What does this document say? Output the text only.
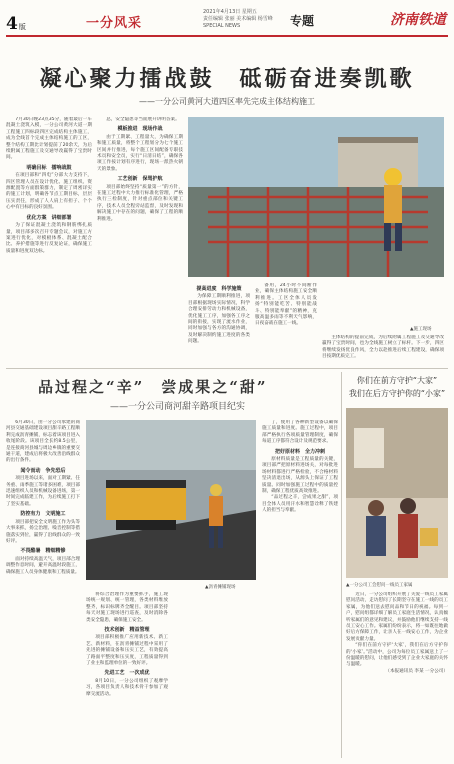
4版	一分风采
2021年4月13日 星期五
责任编辑 张丽 美术编辑 杨雪峰
SPECIAL NEWS	专题	济南铁道
凝心聚力擂战鼓　砥砺奋进奏凯歌
——一分公司黄河大道四区率先完成主体结构施工

7月30日晚23点35分，随着最后一车混凝土浇筑入模，一分公司黄河大道一期工程施工四标段四区完成结构主体施工，成为全线首个完成主体结构施工的工区，整个结构工期比计划提前了20余天，为后续附属工程施工及交通导改赢得了宝贵时间。

明确目标　擂响战鼓

在项目部和“四电”分部大力支持下，四区管理人员在设计优化、施工组织、资源配置等方面群策群力，制定了周密详实的施工计划，明确各节点工期目标，层层压实责任，形成了人人肩上有担子、个个心中有目标的良好氛围。

优化方案　讲细部署

为了保证混凝土浇筑和钢筋绑扎质量，项目部多次召开专题会议，对施工方案进行优化，对模板体系、混凝土配合比、养护措施等进行反复论证，确保施工质量和进度双达标。

总，安全隐患等当面展开讲明答案。

模板推进　现场作战

由于工期紧、工程量大，为确保工期和施工质量，将整个工程划分为七个施工区间并行推进，每个施工区间配备专职技术员和安全员，实行“日清日结”，确保各项工作按计划有序进行，现场一派热火朝天的景象。

工艺创新　保驾护航

项目部始终坚持“质量第一”的方针，在施工过程中大力推行标准化管理，严格执行三检制度，针对重点部位和关键工序，技术人员全程旁站监督，及时发现和解决施工中存在的问题，确保了工程的顺利推进。

▲施工现场
提高进度　科学施策

为保障工期顺利推进，项目部根据现场实际情况，科学合理安排劳动力和机械设备，优化施工工序，加强各工序之间的衔接，实现了流水作业，同时加强与各方的沟通协调，及时解决制约施工进度的各类问题。

备用，24小时不间断作业，确保主体结构施工安全顺利推进。工区全体人员发扬“特别能吃苦、特别能战斗、特别能奉献”的精神，克服高温多雨等不利天气影响，日夜奋战在施工一线。

主体结构的提前完成，为后续附属工程施工及交通导改赢得了宝贵时间，也为全线施工树立了标杆。下一步，四区将继续发扬优良作风，全力以赴推进后续工程建设，确保项目按期优质完工。

品过程之“辛”　尝成果之“甜”
——一分公司商河甜辛路项目纪实

6月30日，由一分公司承建的商河县交通基础建设项目甜辛路工程顺利完成沥青摊铺，标志着该项目进入收尾阶段。该项目全长约8.5公里，是连接商河县城与周边乡镇的重要交通干道，建成后将极大改善沿线群众的出行条件。

闻令而动　争先恐后

项目进场以来，面对工期紧、任务重、雨季施工等诸多困难，项目部迅速组织人员和机械设备进场，第一时间完成临建工作，为后续施工打下了坚实基础。

防控有力　文明施工

项目部把安全文明施工作为头等大事来抓，扬尘治理、噪音控制等措施落实到位，赢得了沿线群众的一致好评。

不畏酷暑　精细精修

面对持续高温天气，项目部合理调整作息时间，避开高温时段施工，确保施工人员身体健康和工程质量。

▲沥青摊铺现场

将综合治理作为重要抓手，施工现场统一规划、统一管理，各类材料堆放整齐，标识标牌齐全醒目。项目部坚持每天对施工现场进行巡查，及时消除各类安全隐患，确保施工安全。

技术创新　精益管理

项目部积极推广应用新技术、新工艺、新材料，在沥青摊铺过程中采用了先进的摊铺设备和压实工艺，有效提高了路面平整度和压实度，工程质量得到了业主和监理单位的一致好评。

先进工艺　一次成优

8月10日，一分公司组织了观摩学习，各项目负责人和技术骨干参加了观摩交流活动。

了，使用了各种新型设备以确保施工质量和进度。施工过程中，项目部严格执行各项质量管理制度，确保每道工序都符合设计及规范要求。

把好原材料　全力冲刺

原材料质量是工程质量的关键，项目部严把原材料进场关，对每批进场材料都进行严格检验，不合格材料坚决清退出场，从源头上保证了工程质量。同时加强施工过程中的质量控制，确保工程优质高效推进。

“品过程之辛，尝成果之甜”，项目全体人员用汗水和智慧诠释了铁建人的担当与奉献。

你们在前方守护“大家”
我们在后方守护你的“小家”
▲一分公司工会慰问一线员工家属

近日，一分公司组织开展了关爱一线员工家属慰问活动，走访慰问了长期坚守在施工一线的员工家属，为他们送去慰问品和节日的祝福。每到一户，慰问组都详细了解员工家庭生活情况，认真倾听家属们的意见和建议，并鼓励他们继续支持一线员工安心工作。家属们纷纷表示，将一如既往地做好后方保障工作，让亲人在一线安心工作，为企业发展贡献力量。

“你们在前方守护‘大家’，我们在后方守护你的‘小家’。”活动中，公司为每位员工家属送上了一份温暖的慰问，让他们感受到了企业大家庭的关怀与温暖。

（本报通讯员 李某 一分公司）
